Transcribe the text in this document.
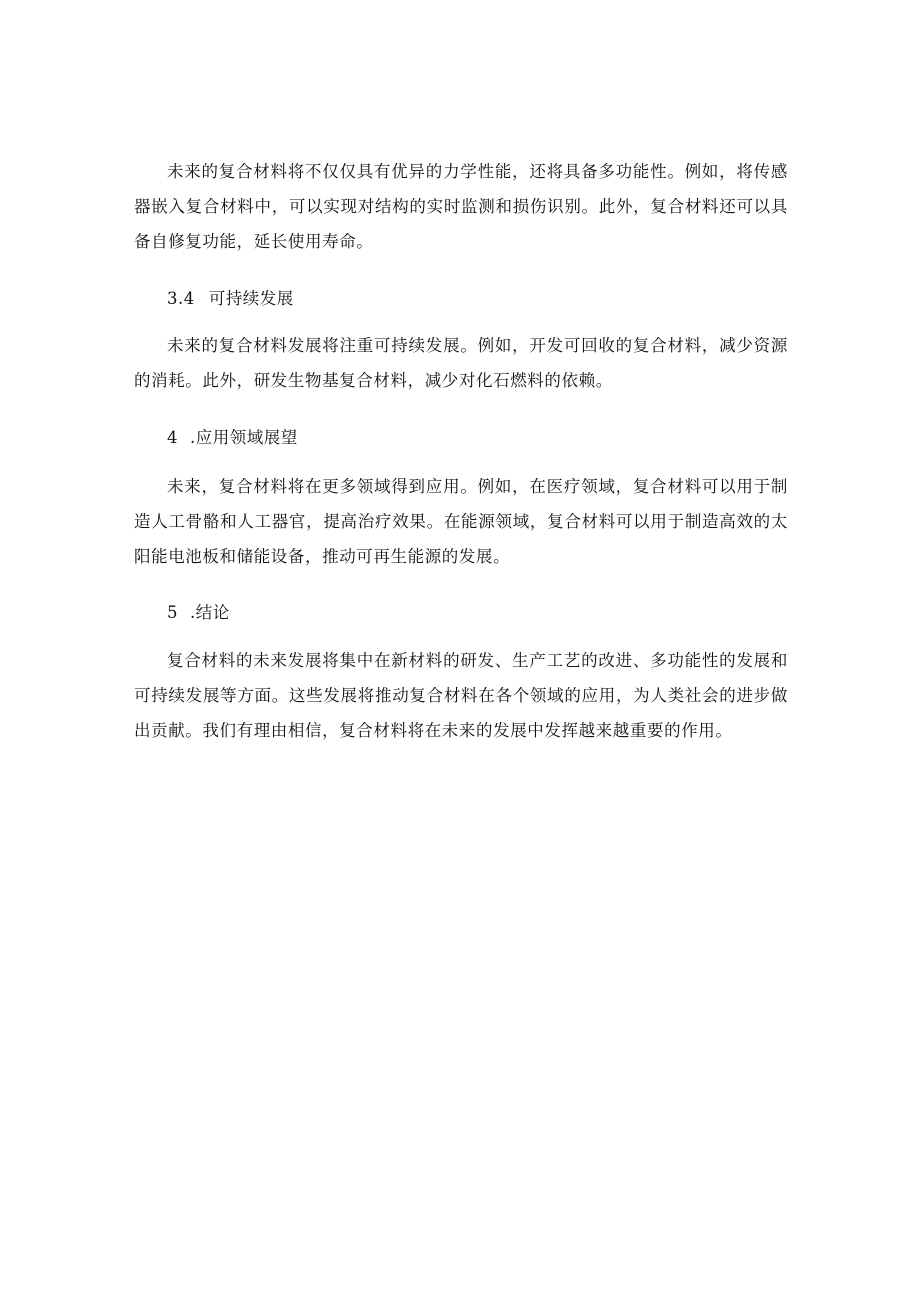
未来的复合材料将不仅仅具有优异的力学性能，还将具备多功能性。例如，将传感器嵌入复合材料中，可以实现对结构的实时监测和损伤识别。此外，复合材料还可以具备自修复功能，延长使用寿命。

3.4 可持续发展

未来的复合材料发展将注重可持续发展。例如，开发可回收的复合材料，减少资源的消耗。此外，研发生物基复合材料，减少对化石燃料的依赖。

4 .应用领域展望

未来，复合材料将在更多领域得到应用。例如，在医疗领域，复合材料可以用于制造人工骨骼和人工器官，提高治疗效果。在能源领域，复合材料可以用于制造高效的太阳能电池板和储能设备，推动可再生能源的发展。

5 .结论

复合材料的未来发展将集中在新材料的研发、生产工艺的改进、多功能性的发展和可持续发展等方面。这些发展将推动复合材料在各个领域的应用，为人类社会的进步做出贡献。我们有理由相信，复合材料将在未来的发展中发挥越来越重要的作用。
